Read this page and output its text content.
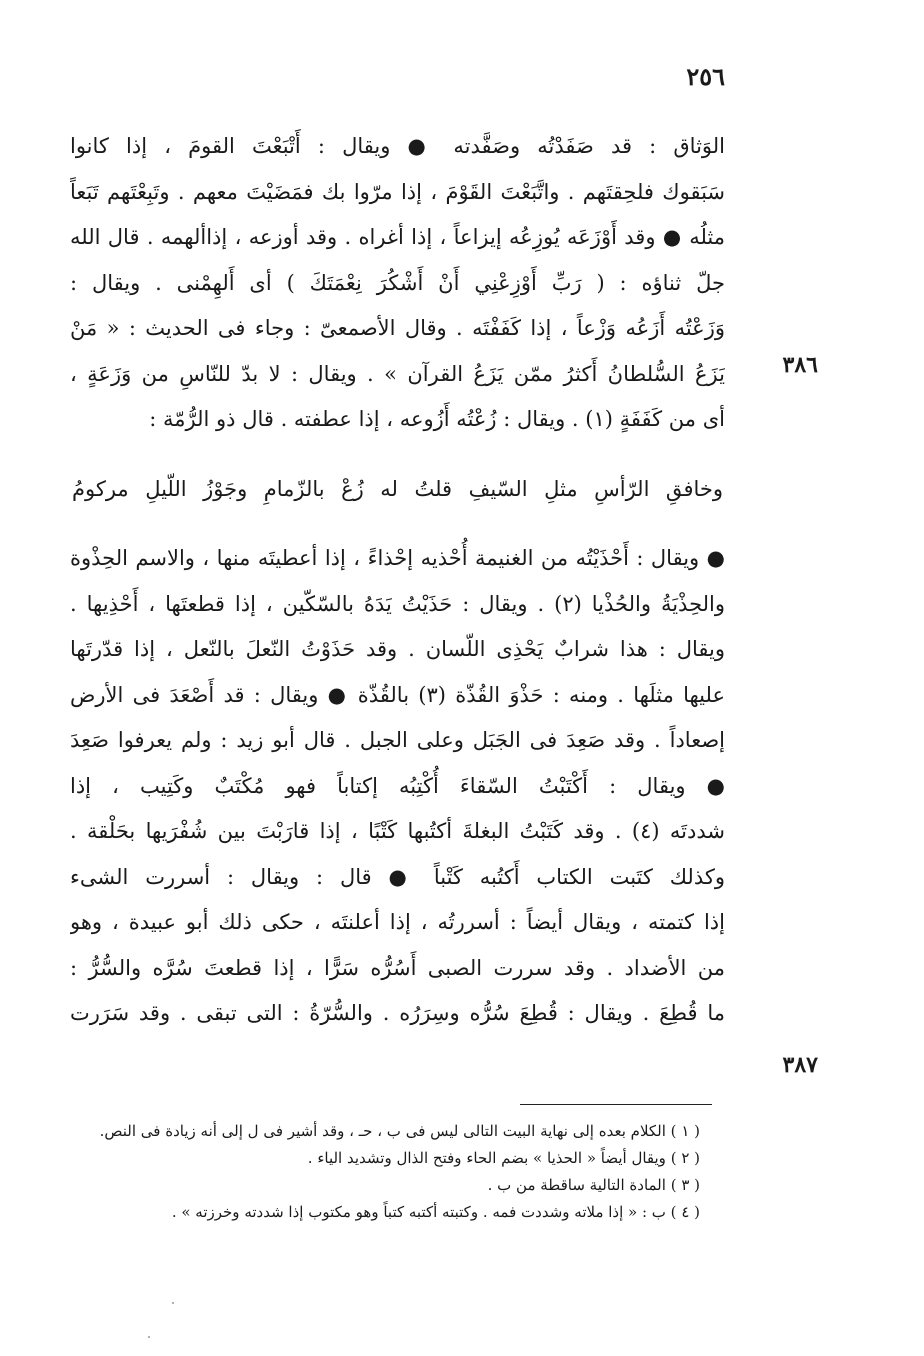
٢٥٦
الوَثاق : قد صَفَدْتُه وصَفَّدته ● ويقال : أَتْبَعْتَ القومَ ، إذا كانوا
سَبَقوك فلحِقتَهم . واتَّبَعْتَ القَوْمَ ، إذا مرّوا بك فمَضَيْتَ معهم . وتَبِعْتَهم تَبَعاً
مثلُه ● وقد أَوْزَعَه يُوزِعُه إيزاعاً ، إذا أغراه . وقد أوزعه ، إذاألهمه . قال الله
جلّ ثناؤه : ( رَبِّ أَوْزِعْنِي أَنْ أَشْكُرَ نِعْمَتَكَ ) أى أَلهِمْنى . ويقال :
وَزَعْتُه أَزَعُه وَزْعاً ، إذا كَفَفْتَه . وقال الأصمعىّ : وجاء فى الحديث : « مَنْ
يَزَعُ السُّلطانُ أَكثرُ ممّن يَزَعُ القرآن » . ويقال : لا بدّ للنّاسِ من وَزَعَةٍ ،
أى من كَفَفَةٍ (١) . ويقال : زُعْتُه أَزُوعه ، إذا عطفته . قال ذو الرُّمّة :
وخافقِ الرّأسِ مثلِ السّيفِ قلتُ له زُعْ بالزّمامِ وجَوْزُ اللّيلِ مركومُ
● ويقال : أَحْذَيْتُه من الغنيمة أُحْذيه إحْذاءً ، إذا أعطيتَه منها ، والاسم الحِذْوة
والحِذْيَةُ والحُذْيا (٢) . ويقال : حَذَيْتُ يَدَهُ بالسّكّين ، إذا قطعتَها ، أَحْذِيها .
ويقال : هذا شرابٌ يَحْذِى اللّسان . وقد حَذَوْتُ النّعلَ بالنّعل ، إذا قدّرتَها
عليها مثلَها . ومنه : حَذْوَ القُذّة (٣) بالقُذّة ● ويقال : قد أَصْعَدَ فى الأرض
إصعاداً . وقد صَعِدَ فى الجَبَل وعلى الجبل . قال أبو زيد : ولم يعرفوا صَعِدَ
● ويقال : أَكْتَبْتُ السّقاءَ أُكْتِبُه إكتاباً فهو مُكْتَبٌ وكَتِيب ، إذا
شددتَه (٤) . وقد كَتَبْتُ البغلةَ أكتُبها كَتْبًا ، إذا قارَبْتَ بين شُفْرَيها بحَلْقة .
وكذلك كتَبت الكتاب أَكتُبه كَتْباً ● قال : ويقال : أسررت الشىء
إذا كتمته ، ويقال أيضاً : أسررتُه ، إذا أعلنتَه ، حكى ذلك أبو عبيدة ، وهو
من الأضداد . وقد سررت الصبى أَسُرُّه سَرًّا ، إذا قطعتَ سُرَّه والسُّرُّ :
ما قُطِعَ . ويقال : قُطِعَ سُرُّه وسِرَرُه . والسُّرّةُ : التى تبقى . وقد سَرَرت
٣٨٦
٣٨٧
( ١ ) الكلام بعده إلى نهاية البيت التالى ليس فى ب ، حـ ، وقد أشير فى ل إلى أنه زيادة فى النص.
( ٢ ) ويقال أيضاً « الحذيا » بضم الحاء وفتح الذال وتشديد الياء .
( ٣ ) المادة التالية ساقطة من ب .
( ٤ ) ب : « إذا ملاته وشددت فمه . وكتبته أكتبه كتباً وهو مكتوب إذا شددته وخرزته » .
